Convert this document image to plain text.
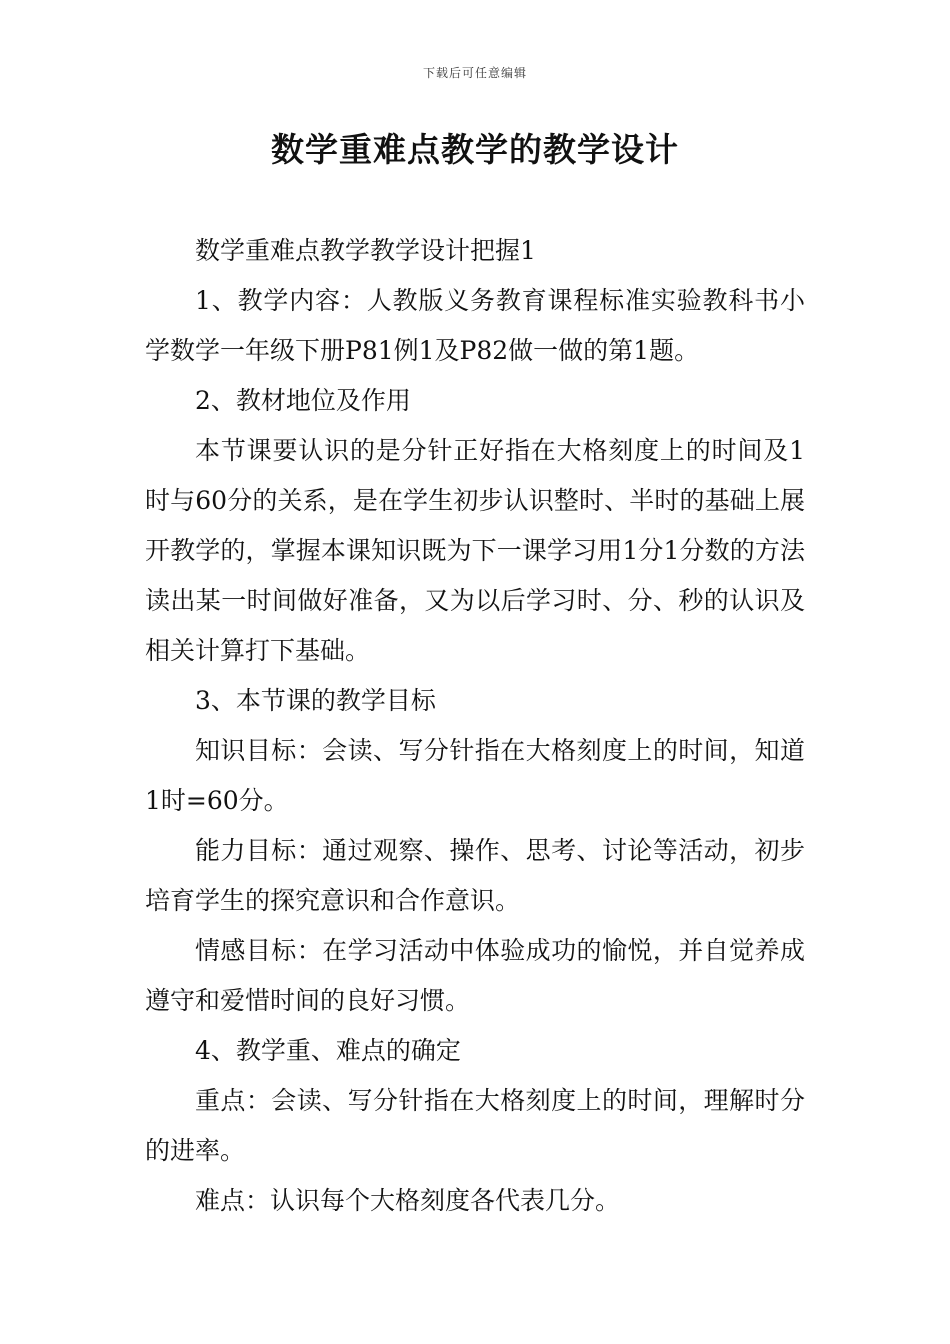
下载后可任意编辑
数学重难点教学的教学设计

数学重难点教学教学设计把握1

1、教学内容：人教版义务教育课程标准实验教科书小学数学一年级下册P81例1及P82做一做的第1题。

2、教材地位及作用

本节课要认识的是分针正好指在大格刻度上的时间及1时与60分的关系，是在学生初步认识整时、半时的基础上展开教学的，掌握本课知识既为下一课学习用1分1分数的方法读出某一时间做好准备，又为以后学习时、分、秒的认识及相关计算打下基础。

3、本节课的教学目标

知识目标：会读、写分针指在大格刻度上的时间，知道1时=60分。

能力目标：通过观察、操作、思考、讨论等活动，初步培育学生的探究意识和合作意识。

情感目标：在学习活动中体验成功的愉悦，并自觉养成遵守和爱惜时间的良好习惯。

4、教学重、难点的确定

重点：会读、写分针指在大格刻度上的时间，理解时分的进率。

难点：认识每个大格刻度各代表几分。
